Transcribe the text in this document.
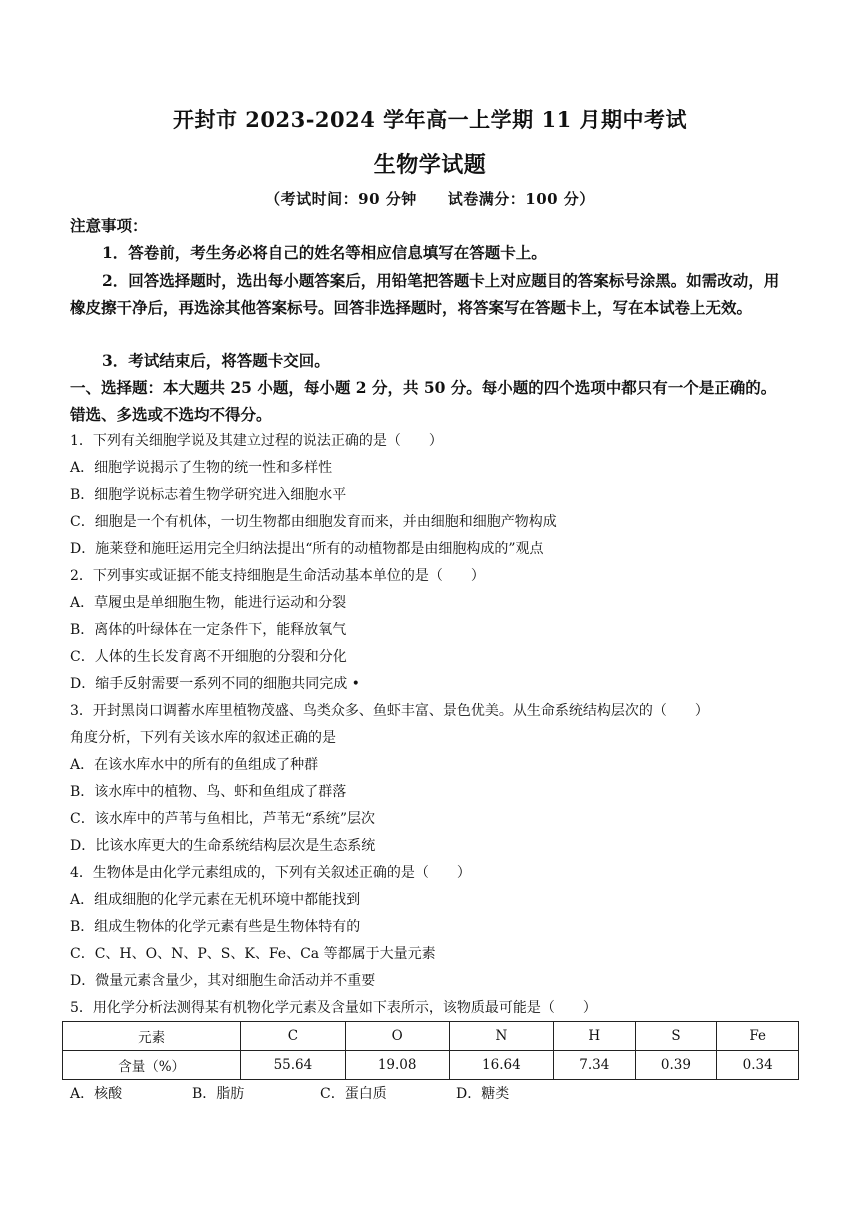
开封市 2023-2024 学年高一上学期 11 月期中考试
生物学试题
（考试时间：90 分钟　　试卷满分：100 分）
注意事项：
1．答卷前，考生务必将自己的姓名等相应信息填写在答题卡上。
2．回答选择题时，选出每小题答案后，用铅笔把答题卡上对应题目的答案标号涂黑。如需改动，用橡皮擦干净后，再选涂其他答案标号。回答非选择题时，将答案写在答题卡上，写在本试卷上无效。
3．考试结束后，将答题卡交回。
一、选择题：本大题共 25 小题，每小题 2 分，共 50 分。每小题的四个选项中都只有一个是正确的。错选、多选或不选均不得分。
1．下列有关细胞学说及其建立过程的说法正确的是（　　）
A．细胞学说揭示了生物的统一性和多样性
B．细胞学说标志着生物学研究进入细胞水平
C．细胞是一个有机体，一切生物都由细胞发育而来，并由细胞和细胞产物构成
D．施莱登和施旺运用完全归纳法提出“所有的动植物都是由细胞构成的”观点
2．下列事实或证据不能支持细胞是生命活动基本单位的是（　　）
A．草履虫是单细胞生物，能进行运动和分裂
B．离体的叶绿体在一定条件下，能释放氧气
C．人体的生长发育离不开细胞的分裂和分化
D．缩手反射需要一系列不同的细胞共同完成 •
3．开封黑岗口调蓄水库里植物茂盛、鸟类众多、鱼虾丰富、景色优美。从生命系统结构层次的（　　）
角度分析，下列有关该水库的叙述正确的是
A．在该水库水中的所有的鱼组成了种群
B．该水库中的植物、鸟、虾和鱼组成了群落
C．该水库中的芦苇与鱼相比，芦苇无“系统”层次
D．比该水库更大的生命系统结构层次是生态系统
4．生物体是由化学元素组成的，下列有关叙述正确的是（　　）
A．组成细胞的化学元素在无机环境中都能找到
B．组成生物体的化学元素有些是生物体特有的
C．C、H、O、N、P、S、K、Fe、Ca 等都属于大量元素
D．微量元素含量少，其对细胞生命活动并不重要
5．用化学分析法测得某有机物化学元素及含量如下表所示，该物质最可能是（　　）
元素	C	O	N	H	S	Fe
含量（%）	55.64	19.08	16.64	7.34	0.39	0.34
A．核酸	B．脂肪	C．蛋白质	D．糖类
